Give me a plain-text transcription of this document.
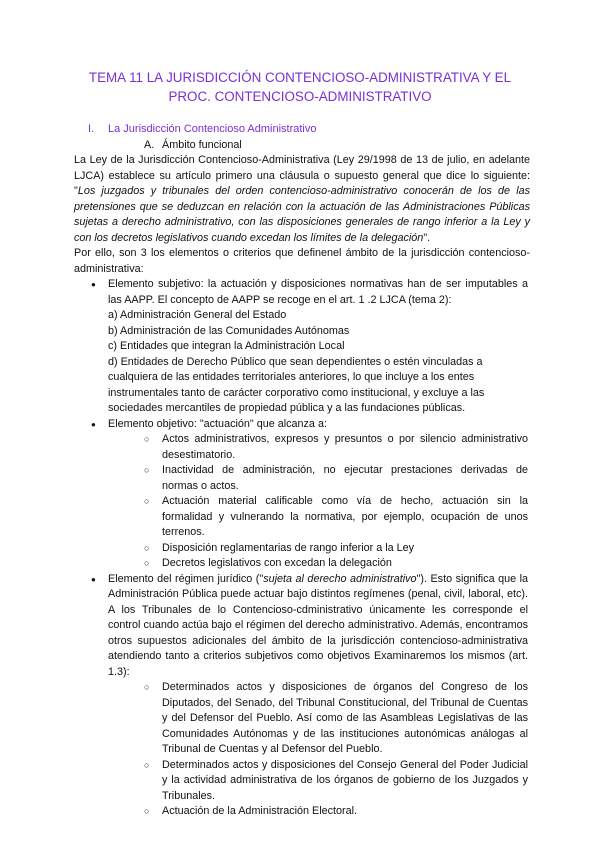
TEMA 11 LA JURISDICCIÓN CONTENCIOSO-ADMINISTRATIVA Y EL
PROC. CONTENCIOSO-ADMINISTRATIVO
I. La Jurisdicción Contencioso Administrativo
A. Ámbito funcional

La Ley de la Jurisdicción Contencioso-Administrativa (Ley 29/1998 de 13 de julio, en adelante LJCA) establece su artículo primero una cláusula o supuesto general que dice lo siguiente: "Los juzgados y tribunales del orden contencioso-administrativo conocerán de los de las pretensiones que se deduzcan en relación con la actuación de las Administraciones Públicas sujetas a derecho administrativo, con las disposiciones generales de rango inferior a la Ley y con los decretos legislativos cuando excedan los límites de la delegación".

Por ello, son 3 los elementos o criterios que definenel ámbito de la jurisdicción contencioso-administrativa:

● Elemento subjetivo: la actuación y disposiciones normativas han de ser imputables a las AAPP. El concepto de AAPP se recoge en el art. 1 .2 LJCA (tema 2):
a) Administración General del Estado
b) Administración de las Comunidades Autónomas
c) Entidades que integran la Administración Local
d) Entidades de Derecho Público que sean dependientes o estén vinculadas a cualquiera de las entidades territoriales anteriores, lo que incluye a los entes instrumentales tanto de carácter corporativo como institucional, y excluye a las sociedades mercantiles de propiedad pública y a las fundaciones públicas.
● Elemento objetivo: "actuación" que alcanza a:
○ Actos administrativos, expresos y presuntos o por silencio administrativo desestimatorio.
○ Inactividad de administración, no ejecutar prestaciones derivadas de normas o actos.
○ Actuación material calificable como vía de hecho, actuación sin la formalidad y vulnerando la normativa, por ejemplo, ocupación de unos terrenos.
○ Disposición reglamentarias de rango inferior a la Ley
○ Decretos legislativos con excedan la delegación
● Elemento del régimen jurídico ("sujeta al derecho administrativo"). Esto significa que la Administración Pública puede actuar bajo distintos regímenes (penal, civil, laboral, etc). A los Tribunales de lo Contencioso-cdministrativo únicamente les corresponde el control cuando actúa bajo el régimen del derecho administrativo. Además, encontramos otros supuestos adicionales del ámbito de la jurisdicción contencioso-administrativa atendiendo tanto a criterios subjetivos como objetivos Examinaremos los mismos (art. 1.3):
○ Determinados actos y disposiciones de órganos del Congreso de los Diputados, del Senado, del Tribunal Constitucional, del Tribunal de Cuentas y del Defensor del Pueblo. Así como de las Asambleas Legislativas de las Comunidades Autónomas y de las instituciones autonómicas análogas al Tribunal de Cuentas y al Defensor del Pueblo.
○ Determinados actos y disposiciones del Consejo General del Poder Judicial y la actividad administrativa de los órganos de gobierno de los Juzgados y Tribunales.
○ Actuación de la Administración Electoral.
